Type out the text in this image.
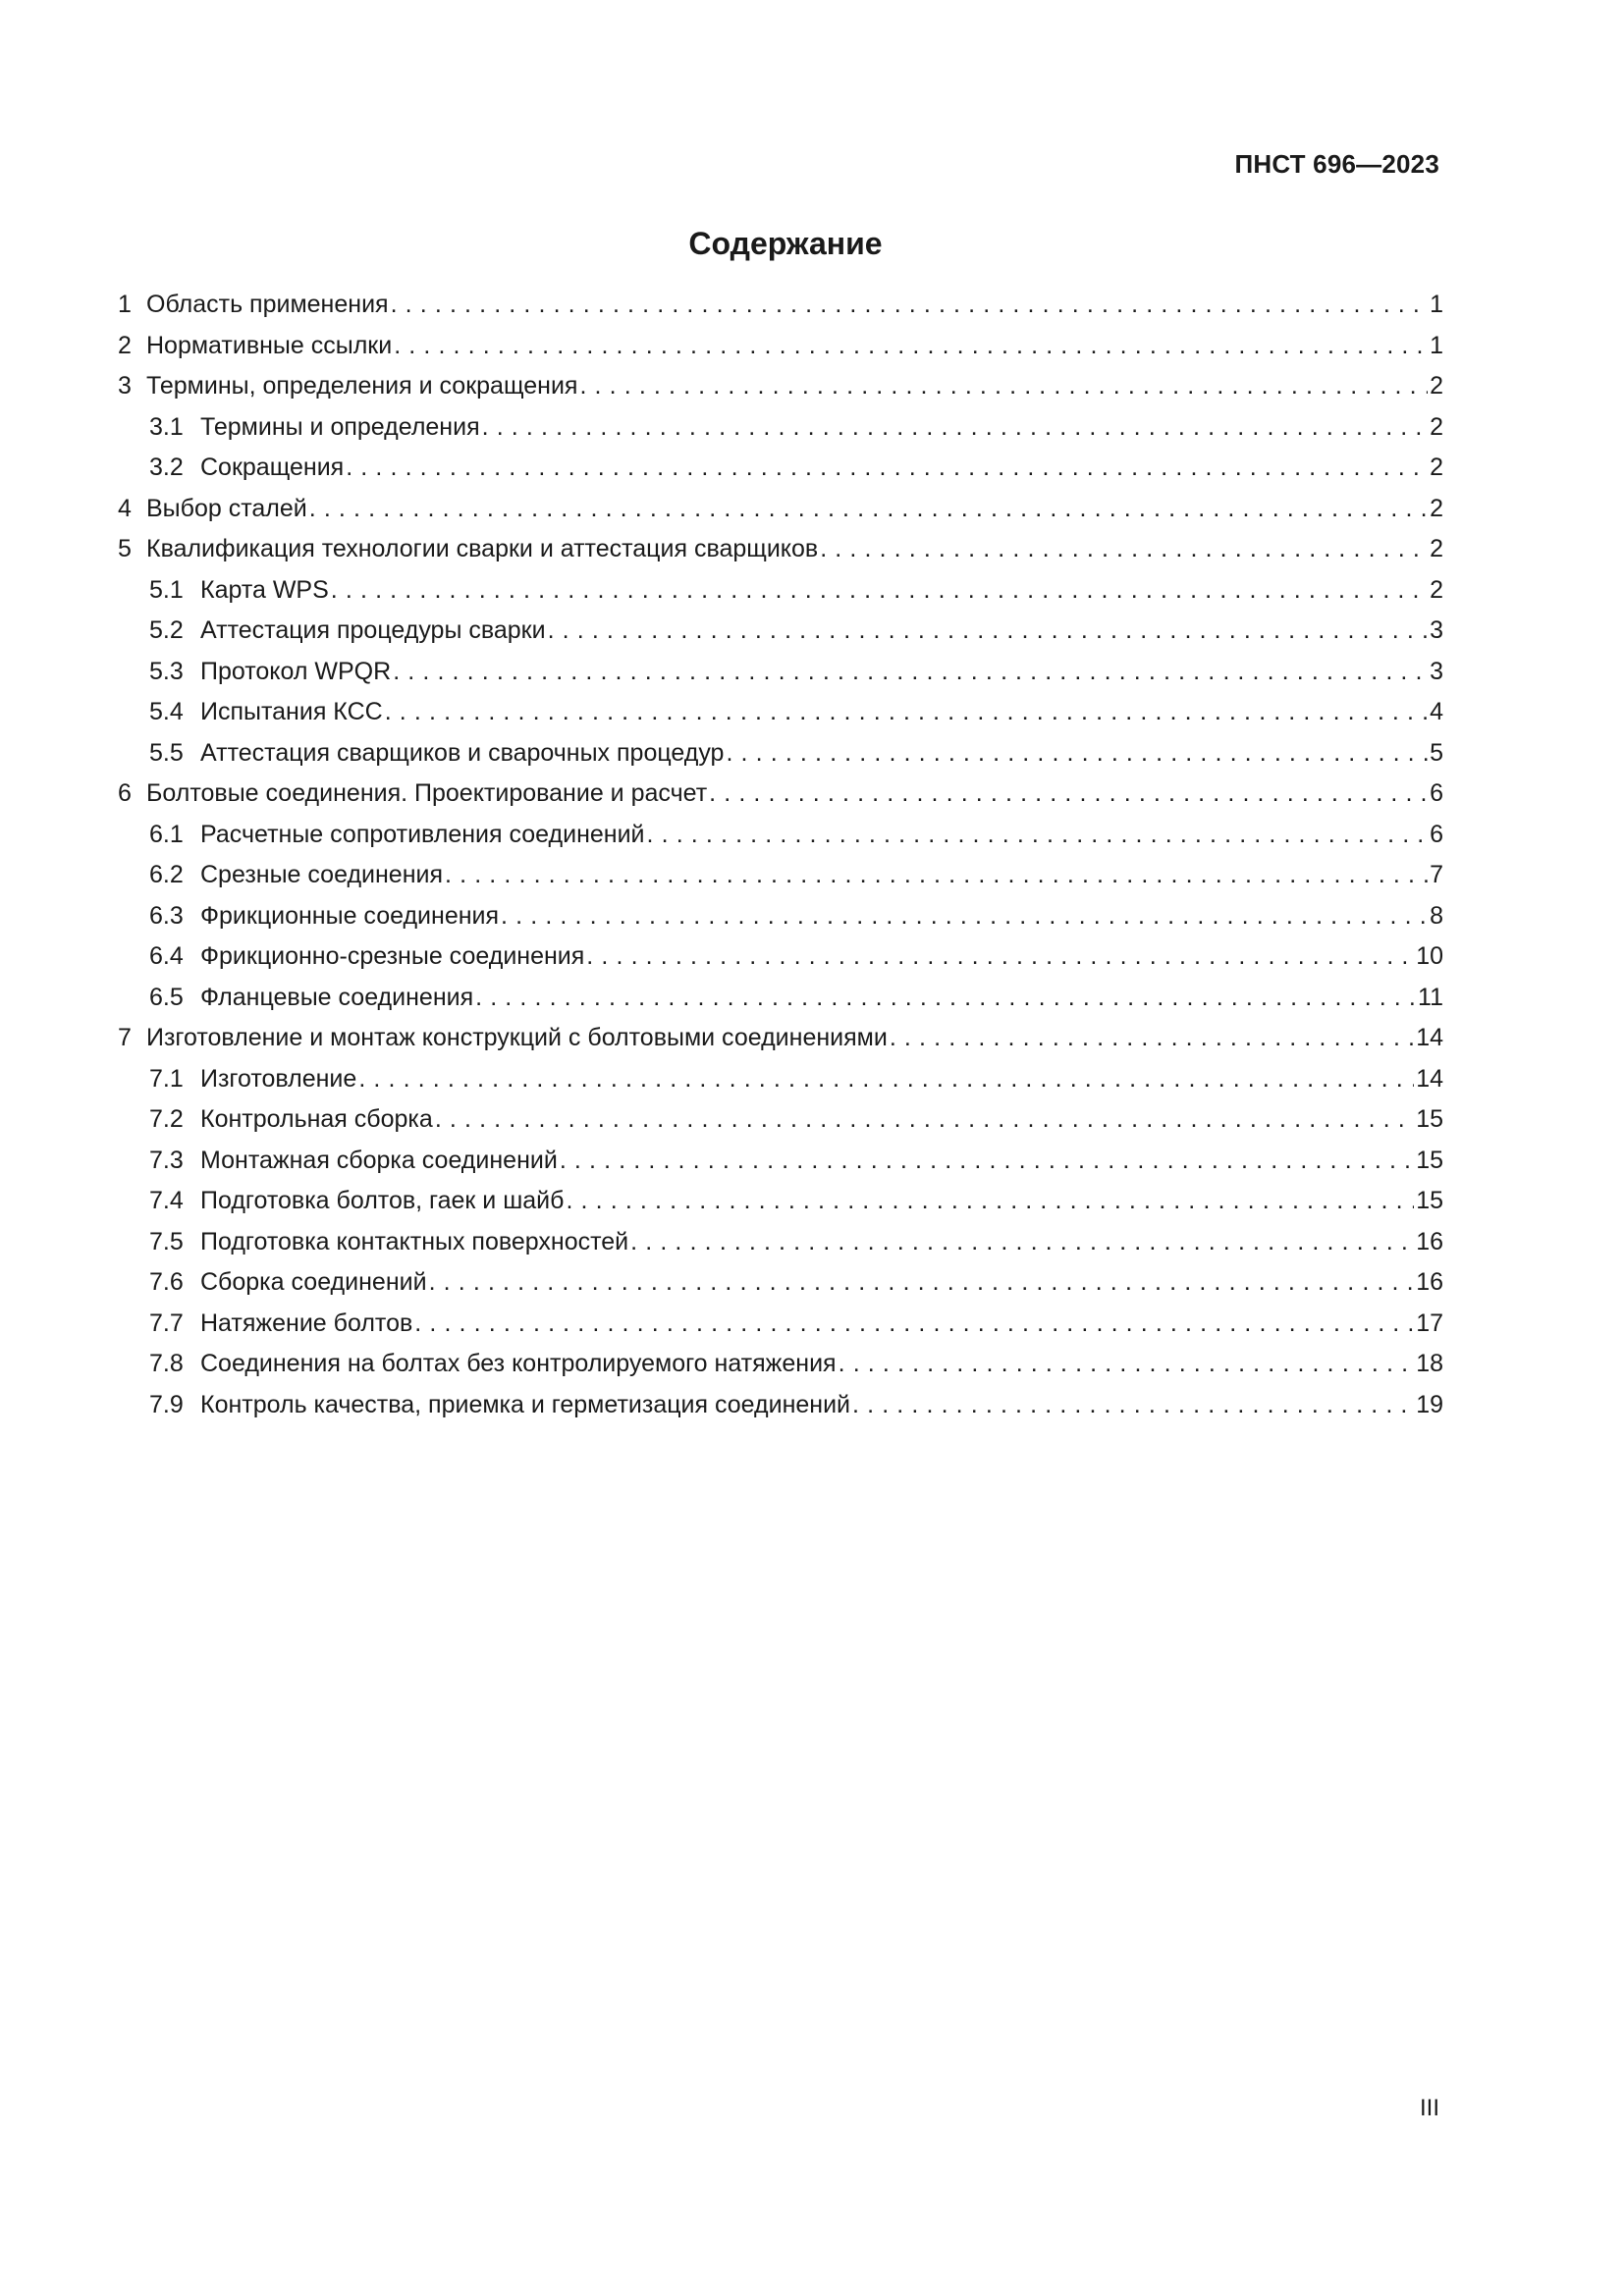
ПНСТ 696—2023
Содержание
1 Область применения . . .	1
2 Нормативные ссылки . . .	1
3 Термины, определения и сокращения . . .	2
3.1 Термины и определения . . .	2
3.2 Сокращения . . .	2
4 Выбор сталей . . .	2
5 Квалификация технологии сварки и аттестация сварщиков . . .	2
5.1 Карта WPS . . .	2
5.2 Аттестация процедуры сварки . . .	3
5.3 Протокол WPQR . . .	3
5.4 Испытания КСС . . .	4
5.5 Аттестация сварщиков и сварочных процедур . . .	5
6 Болтовые соединения. Проектирование и расчет . . .	6
6.1 Расчетные сопротивления соединений . . .	6
6.2 Срезные соединения . . .	7
6.3 Фрикционные соединения . . .	8
6.4 Фрикционно-срезные соединения . . .	10
6.5 Фланцевые соединения . . .	11
7 Изготовление и монтаж конструкций с болтовыми соединениями . . .	14
7.1 Изготовление . . .	14
7.2 Контрольная сборка . . .	15
7.3 Монтажная сборка соединений . . .	15
7.4 Подготовка болтов, гаек и шайб . . .	15
7.5 Подготовка контактных поверхностей . . .	16
7.6 Сборка соединений . . .	16
7.7 Натяжение болтов . . .	17
7.8 Соединения на болтах без контролируемого натяжения . . .	18
7.9 Контроль качества, приемка и герметизация соединений . . .	19
III
